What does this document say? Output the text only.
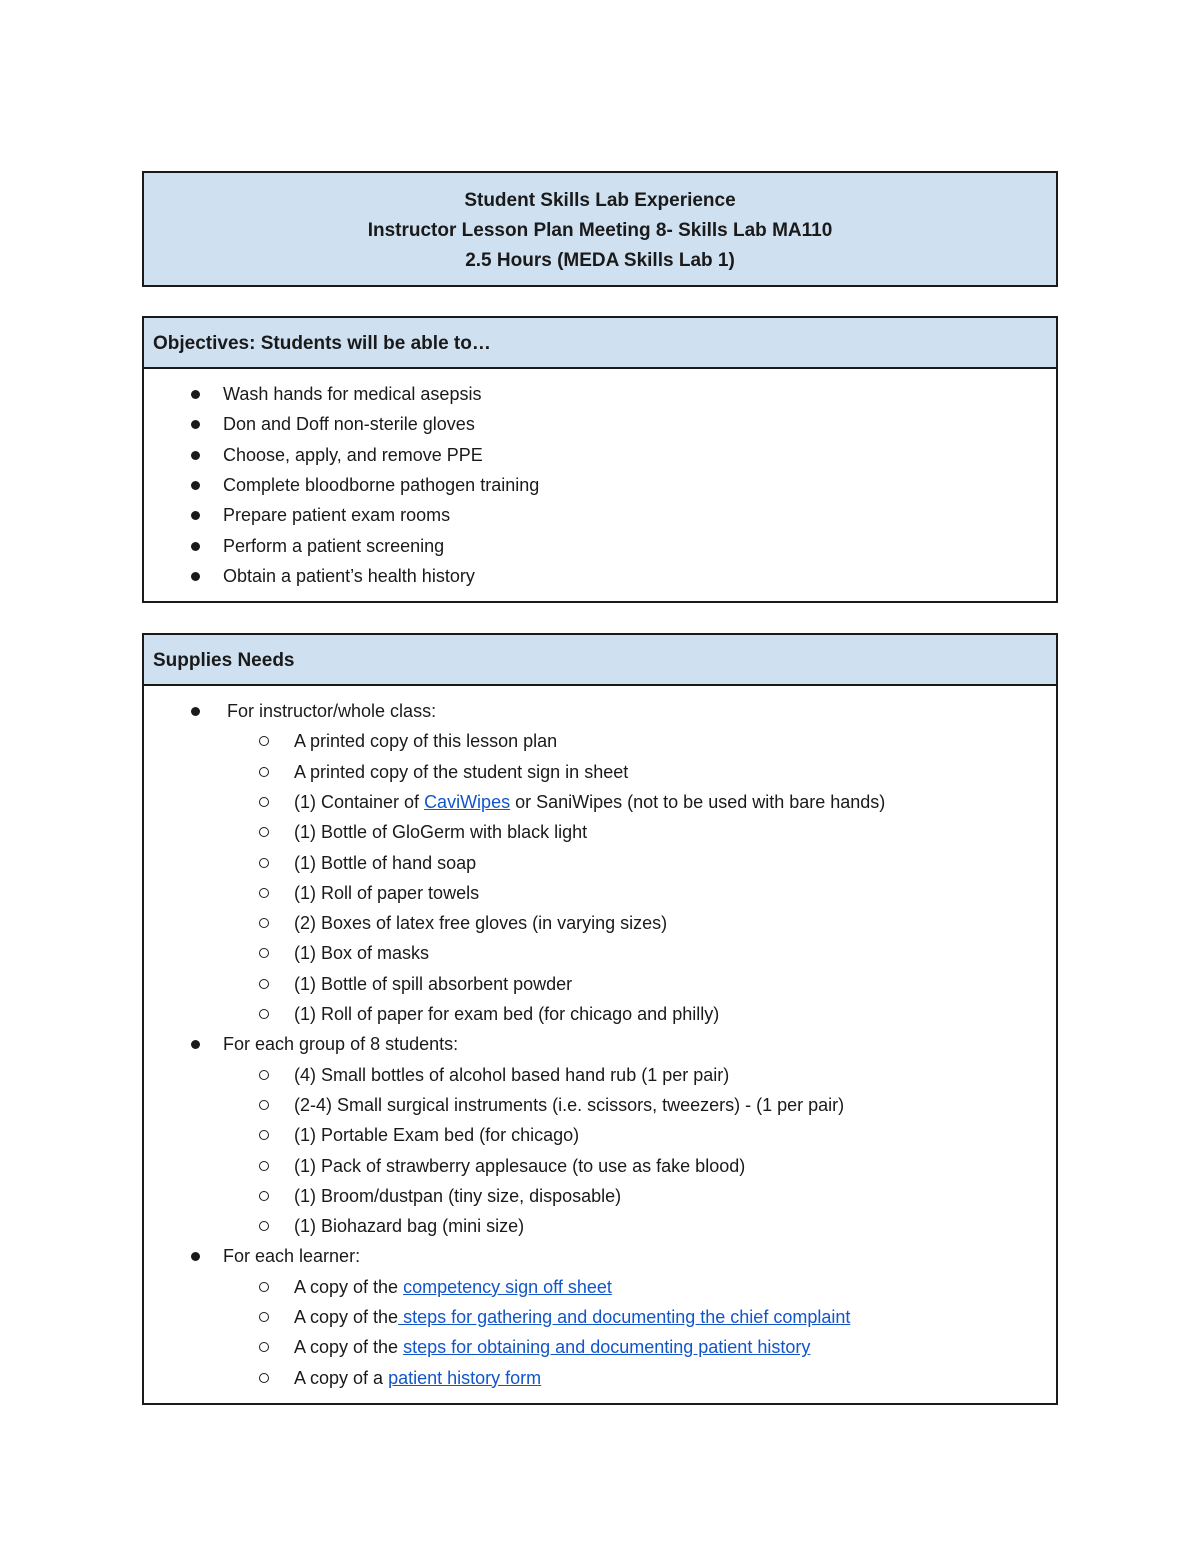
Student Skills Lab Experience
Instructor Lesson Plan Meeting 8- Skills Lab MA110
2.5 Hours (MEDA Skills Lab 1)
Objectives: Students will be able to…
Wash hands for medical asepsis
Don and Doff non-sterile gloves
Choose, apply, and remove PPE
Complete bloodborne pathogen training
Prepare patient exam rooms
Perform a patient screening
Obtain a patient’s health history
Supplies Needs
For instructor/whole class:
A printed copy of this lesson plan
A printed copy of the student sign in sheet
(1) Container of CaviWipes or SaniWipes (not to be used with bare hands)
(1) Bottle of GloGerm with black light
(1) Bottle of hand soap
(1) Roll of paper towels
(2) Boxes of latex free gloves (in varying sizes)
(1) Box of masks
(1) Bottle of spill absorbent powder
(1) Roll of paper for exam bed (for chicago and philly)
For each group of 8 students:
(4) Small bottles of alcohol based hand rub (1 per pair)
(2-4) Small surgical instruments (i.e. scissors, tweezers) - (1 per pair)
(1) Portable Exam bed (for chicago)
(1) Pack of strawberry applesauce (to use as fake blood)
(1) Broom/dustpan (tiny size, disposable)
(1) Biohazard bag (mini size)
For each learner:
A copy of the competency sign off sheet
A copy of the steps for gathering and documenting the chief complaint
A copy of the steps for obtaining and documenting patient history
A copy of a patient history form
